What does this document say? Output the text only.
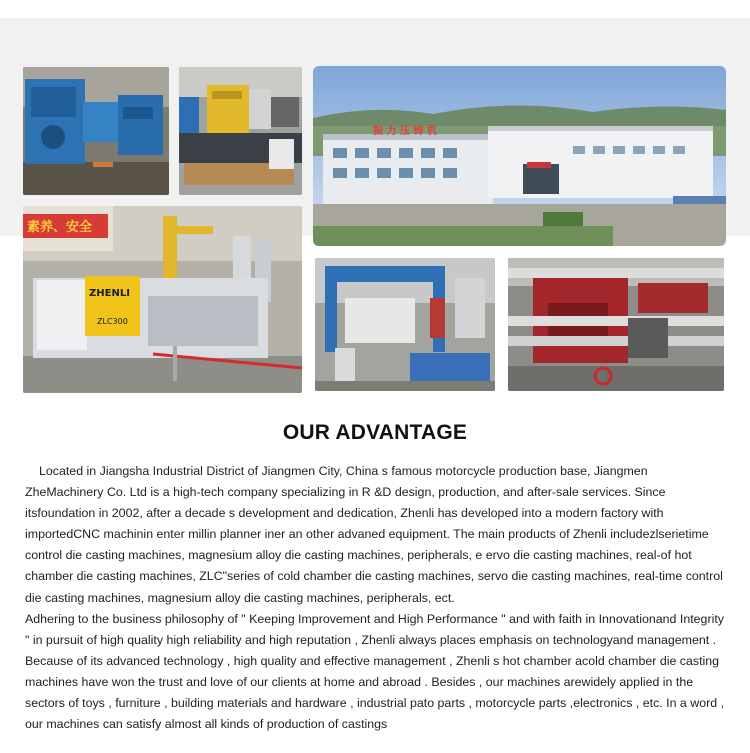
振 力 压 铸 机
素养、安全
ZHENLI
ZLC300
OUR ADVANTAGE

Located in Jiangsha Industrial District of Jiangmen City, China s famous motorcycle production base, Jiangmen ZheMachinery Co. Ltd is a high-tech company specializing in R &D design, production, and after-sale services. Since itsfoundation in 2002, after a decade s development and dedication, Zhenli has developed into a modern factory with importedCNC machinin enter millin planner iner an other advaned equipment. The main products of Zhenli includezlserietime control die casting machines, magnesium alloy die casting machines, peripherals, e ervo die casting machines, real-of hot chamber die casting machines, ZLC"series of cold chamber die casting machines, servo die casting machines, real-time control die casting machines, magnesium alloy die casting machines, peripherals, ect.

Adhering to the business philosophy of " Keeping Improvement and High Performance " and with faith in Innovationand Integrity " in pursuit of high quality high reliability and high reputation , Zhenli always places emphasis on technologyand management . Because of its advanced technology , high quality and effective management , Zhenli s hot chamber acold chamber die casting machines have won the trust and love of our clients at home and abroad . Besides , our machines arewidely applied in the sectors of toys , furniture , building materials and hardware , industrial pato parts , motorcycle parts ,electronics , etc. In a word , our machines can satisfy almost all kinds of production of castings
